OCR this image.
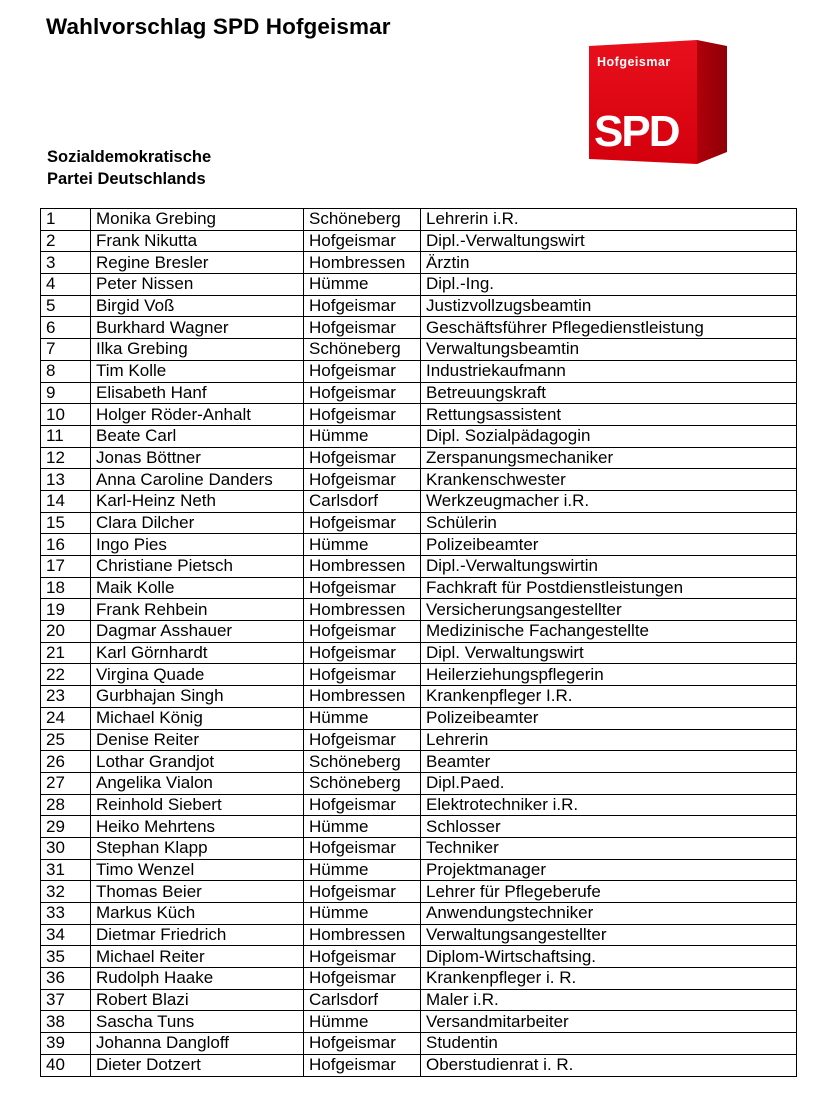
Wahlvorschlag SPD Hofgeismar
Hofgeismar
SPD
Sozialdemokratische
Partei Deutschlands
1	Monika Grebing	Schöneberg	Lehrerin i.R.
2	Frank Nikutta	Hofgeismar	Dipl.-Verwaltungswirt
3	Regine Bresler	Hombressen	Ärztin
4	Peter Nissen	Hümme	Dipl.-Ing.
5	Birgid Voß	Hofgeismar	Justizvollzugsbeamtin
6	Burkhard Wagner	Hofgeismar	Geschäftsführer Pflegedienstleistung
7	Ilka Grebing	Schöneberg	Verwaltungsbeamtin
8	Tim Kolle	Hofgeismar	Industriekaufmann
9	Elisabeth Hanf	Hofgeismar	Betreuungskraft
10	Holger Röder-Anhalt	Hofgeismar	Rettungsassistent
11	Beate Carl	Hümme	Dipl. Sozialpädagogin
12	Jonas Böttner	Hofgeismar	Zerspanungsmechaniker
13	Anna Caroline Danders	Hofgeismar	Krankenschwester
14	Karl-Heinz Neth	Carlsdorf	Werkzeugmacher i.R.
15	Clara Dilcher	Hofgeismar	Schülerin
16	Ingo Pies	Hümme	Polizeibeamter
17	Christiane Pietsch	Hombressen	Dipl.-Verwaltungswirtin
18	Maik Kolle	Hofgeismar	Fachkraft für Postdienstleistungen
19	Frank Rehbein	Hombressen	Versicherungsangestellter
20	Dagmar Asshauer	Hofgeismar	Medizinische Fachangestellte
21	Karl Görnhardt	Hofgeismar	Dipl. Verwaltungswirt
22	Virgina Quade	Hofgeismar	Heilerziehungspflegerin
23	Gurbhajan Singh	Hombressen	Krankenpfleger I.R.
24	Michael König	Hümme	Polizeibeamter
25	Denise Reiter	Hofgeismar	Lehrerin
26	Lothar Grandjot	Schöneberg	Beamter
27	Angelika Vialon	Schöneberg	Dipl.Paed.
28	Reinhold Siebert	Hofgeismar	Elektrotechniker i.R.
29	Heiko Mehrtens	Hümme	Schlosser
30	Stephan Klapp	Hofgeismar	Techniker
31	Timo Wenzel	Hümme	Projektmanager
32	Thomas Beier	Hofgeismar	Lehrer für Pflegeberufe
33	Markus Küch	Hümme	Anwendungstechniker
34	Dietmar Friedrich	Hombressen	Verwaltungsangestellter
35	Michael Reiter	Hofgeismar	Diplom-Wirtschaftsing.
36	Rudolph Haake	Hofgeismar	Krankenpfleger i. R.
37	Robert Blazi	Carlsdorf	Maler i.R.
38	Sascha Tuns	Hümme	Versandmitarbeiter
39	Johanna Dangloff	Hofgeismar	Studentin
40	Dieter Dotzert	Hofgeismar	Oberstudienrat i. R.
